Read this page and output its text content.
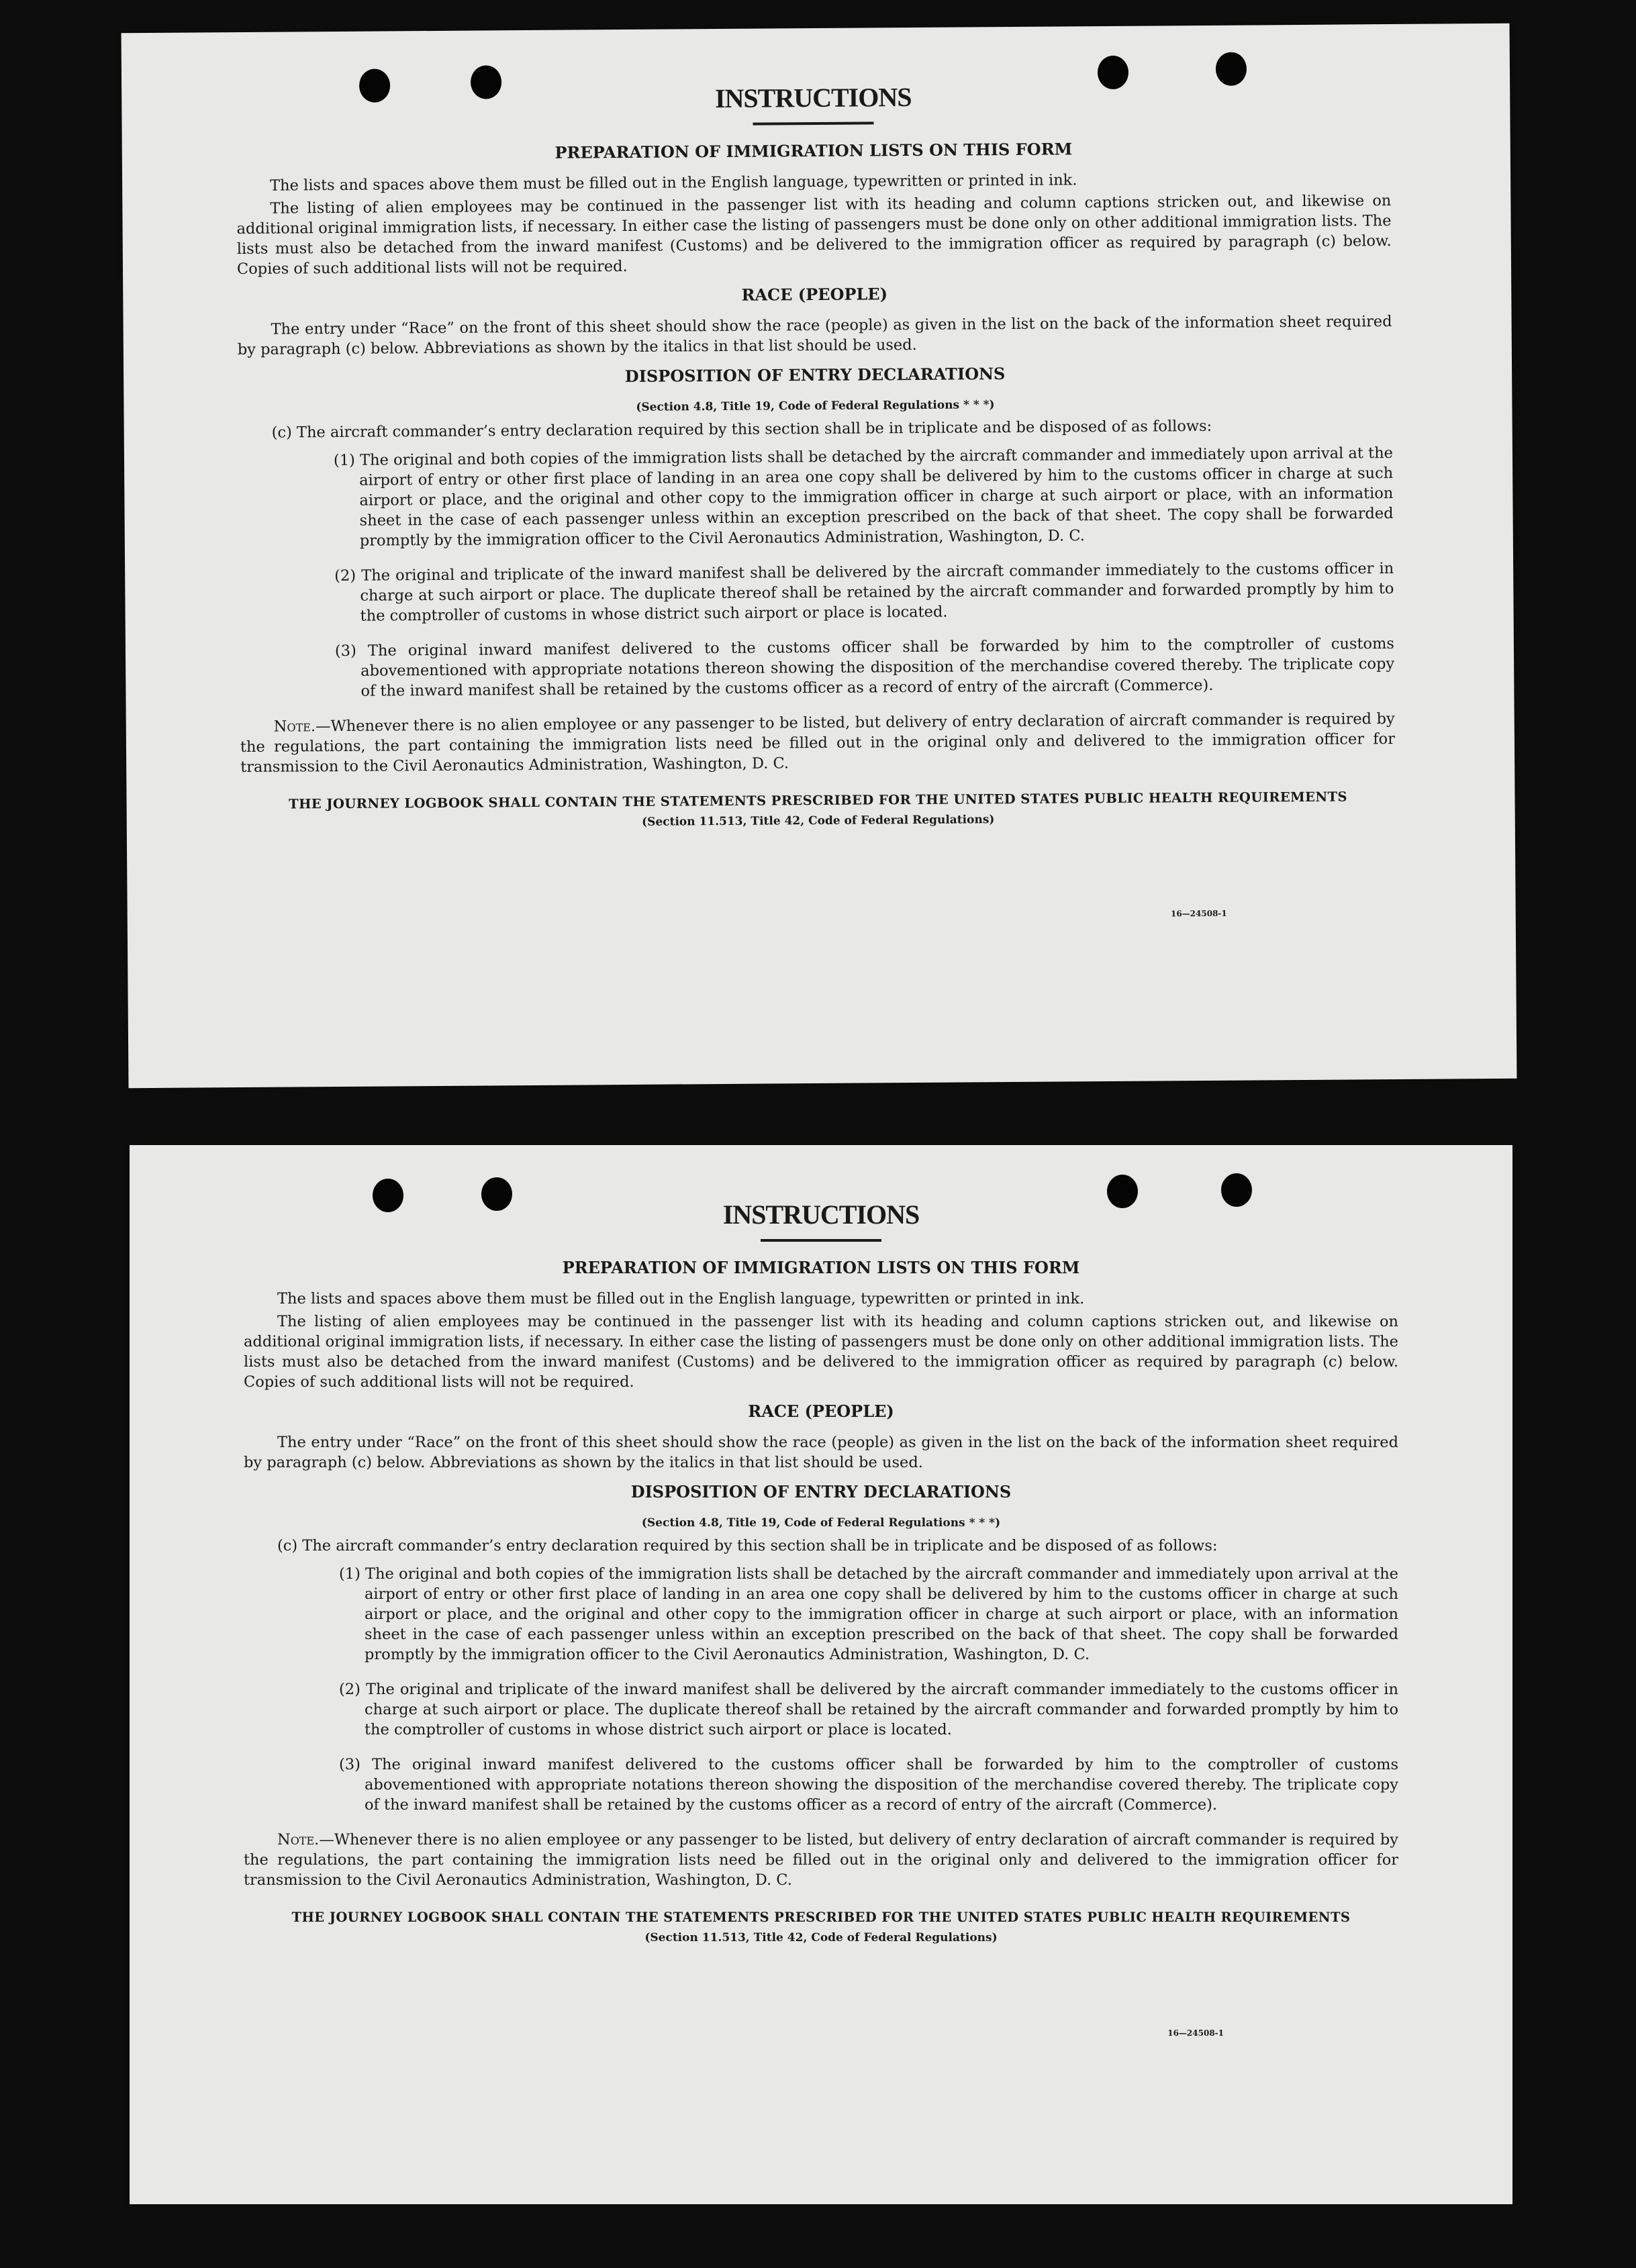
INSTRUCTIONS
PREPARATION OF IMMIGRATION LISTS ON THIS FORM

The lists and spaces above them must be filled out in the English language, typewritten or printed in ink.

The listing of alien employees may be continued in the passenger list with its heading and column captions stricken out, and likewise on additional original immigration lists, if necessary. In either case the listing of passengers must be done only on other additional immigration lists. The lists must also be detached from the inward manifest (Customs) and be delivered to the immigration officer as required by paragraph (c) below. Copies of such additional lists will not be required.

RACE (PEOPLE)

The entry under “Race” on the front of this sheet should show the race (people) as given in the list on the back of the information sheet required by paragraph (c) below. Abbreviations as shown by the italics in that list should be used.

DISPOSITION OF ENTRY DECLARATIONS
(Section 4.8, Title 19, Code of Federal Regulations * * *)

(c) The aircraft commander’s entry declaration required by this section shall be in triplicate and be disposed of as follows:

(1) The original and both copies of the immigration lists shall be detached by the aircraft commander and immediately upon arrival at the airport of entry or other first place of landing in an area one copy shall be delivered by him to the customs officer in charge at such airport or place, and the original and other copy to the immigration officer in charge at such airport or place, with an information sheet in the case of each passenger unless within an exception prescribed on the back of that sheet. The copy shall be forwarded promptly by the immigration officer to the Civil Aeronautics Administration, Washington, D. C.

(2) The original and triplicate of the inward manifest shall be delivered by the aircraft commander immediately to the customs officer in charge at such airport or place. The duplicate thereof shall be retained by the aircraft commander and forwarded promptly by him to the comptroller of customs in whose district such airport or place is located.

(3) The original inward manifest delivered to the customs officer shall be forwarded by him to the comptroller of customs abovementioned with appropriate notations thereon showing the disposition of the merchandise covered thereby. The triplicate copy of the inward manifest shall be retained by the customs officer as a record of entry of the aircraft (Commerce).

Note.—Whenever there is no alien employee or any passenger to be listed, but delivery of entry declaration of aircraft commander is required by the regulations, the part containing the immigration lists need be filled out in the original only and delivered to the immigration officer for transmission to the Civil Aeronautics Administration, Washington, D. C.

THE JOURNEY LOGBOOK SHALL CONTAIN THE STATEMENTS PRESCRIBED FOR THE UNITED STATES PUBLIC HEALTH REQUIREMENTS
(Section 11.513, Title 42, Code of Federal Regulations)
16—24508-1
INSTRUCTIONS
PREPARATION OF IMMIGRATION LISTS ON THIS FORM

The lists and spaces above them must be filled out in the English language, typewritten or printed in ink.

The listing of alien employees may be continued in the passenger list with its heading and column captions stricken out, and likewise on additional original immigration lists, if necessary. In either case the listing of passengers must be done only on other additional immigration lists. The lists must also be detached from the inward manifest (Customs) and be delivered to the immigration officer as required by paragraph (c) below. Copies of such additional lists will not be required.

RACE (PEOPLE)

The entry under “Race” on the front of this sheet should show the race (people) as given in the list on the back of the information sheet required by paragraph (c) below. Abbreviations as shown by the italics in that list should be used.

DISPOSITION OF ENTRY DECLARATIONS
(Section 4.8, Title 19, Code of Federal Regulations * * *)

(c) The aircraft commander’s entry declaration required by this section shall be in triplicate and be disposed of as follows:

(1) The original and both copies of the immigration lists shall be detached by the aircraft commander and immediately upon arrival at the airport of entry or other first place of landing in an area one copy shall be delivered by him to the customs officer in charge at such airport or place, and the original and other copy to the immigration officer in charge at such airport or place, with an information sheet in the case of each passenger unless within an exception prescribed on the back of that sheet. The copy shall be forwarded promptly by the immigration officer to the Civil Aeronautics Administration, Washington, D. C.

(2) The original and triplicate of the inward manifest shall be delivered by the aircraft commander immediately to the customs officer in charge at such airport or place. The duplicate thereof shall be retained by the aircraft commander and forwarded promptly by him to the comptroller of customs in whose district such airport or place is located.

(3) The original inward manifest delivered to the customs officer shall be forwarded by him to the comptroller of customs abovementioned with appropriate notations thereon showing the disposition of the merchandise covered thereby. The triplicate copy of the inward manifest shall be retained by the customs officer as a record of entry of the aircraft (Commerce).

Note.—Whenever there is no alien employee or any passenger to be listed, but delivery of entry declaration of aircraft commander is required by the regulations, the part containing the immigration lists need be filled out in the original only and delivered to the immigration officer for transmission to the Civil Aeronautics Administration, Washington, D. C.

THE JOURNEY LOGBOOK SHALL CONTAIN THE STATEMENTS PRESCRIBED FOR THE UNITED STATES PUBLIC HEALTH REQUIREMENTS
(Section 11.513, Title 42, Code of Federal Regulations)
16—24508-1
